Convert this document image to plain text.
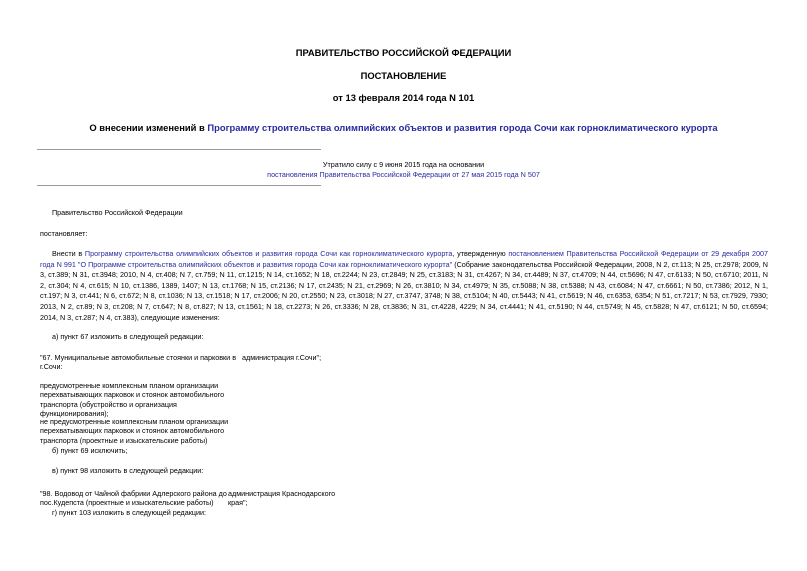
ПРАВИТЕЛЬСТВО РОССИЙСКОЙ ФЕДЕРАЦИИ
ПОСТАНОВЛЕНИЕ
от 13 февраля 2014 года N 101
О внесении изменений в Программу строительства олимпийских объектов и развития города Сочи как горноклиматического курорта
Утратило силу с 9 июня 2015 года на основании
постановления Правительства Российской Федерации от 27 мая 2015 года N 507
Правительство Российской Федерации
постановляет:
Внести в Программу строительства олимпийских объектов и развития города Сочи как горноклиматического курорта, утвержденную постановлением Правительства Российской Федерации от 29 декабря 2007 года N 991 "О Программе строительства олимпийских объектов и развития города Сочи как горноклиматического курорта" (Собрание законодательства Российской Федерации, 2008, N 2, ст.113; N 25, ст.2978; 2009, N 3, ст.389; N 31, ст.3948; 2010, N 4, ст.408; N 7, ст.759; N 11, ст.1215; N 14, ст.1652; N 18, ст.2244; N 23, ст.2849; N 25, ст.3183; N 31, ст.4267; N 34, ст.4489; N 37, ст.4709; N 44, ст.5696; N 47, ст.6133; N 50, ст.6710; 2011, N 2, ст.304; N 4, ст.615; N 10, ст.1386, 1389, 1407; N 13, ст.1768; N 15, ст.2136; N 17, ст.2435; N 21, ст.2969; N 26, ст.3810; N 34, ст.4979; N 35, ст.5088; N 38, ст.5388; N 43, ст.6084; N 47, ст.6661; N 50, ст.7386; 2012, N 1, ст.197; N 3, ст.441; N 6, ст.672; N 8, ст.1036; N 13, ст.1518; N 17, ст.2006; N 20, ст.2550; N 23, ст.3018; N 27, ст.3747, 3748; N 38, ст.5104; N 40, ст.5443; N 41, ст.5619; N 46, ст.6353, 6354; N 51, ст.7217; N 53, ст.7929, 7930; 2013, N 2, ст.89; N 3, ст.208; N 7, ст.647; N 8, ст.827; N 13, ст.1561; N 18, ст.2273; N 26, ст.3336; N 28, ст.3836; N 31, ст.4228, 4229; N 34, ст.4441; N 41, ст.5190; N 44, ст.5749; N 45, ст.5828; N 47, ст.6121; N 50, ст.6594; 2014, N 3, ст.287; N 4, ст.383), следующие изменения:
а) пункт 67 изложить в следующей редакции:
"67. Муниципальные автомобильные стоянки и парковки в г.Сочи:
администрация г.Сочи";
предусмотренные комплексным планом организации перехватывающих парковок и стоянок автомобильного транспорта (обустройство и организация функционирования);
не предусмотренные комплексным планом организации перехватывающих парковок и стоянок автомобильного транспорта (проектные и изыскательские работы)
б) пункт 69 исключить;
в) пункт 98 изложить в следующей редакции:
"98. Водовод от Чайной фабрики Адлерского района до пос.Кудепста (проектные и изыскательские работы)
администрация Краснодарского края";
г) пункт 103 изложить в следующей редакции:
